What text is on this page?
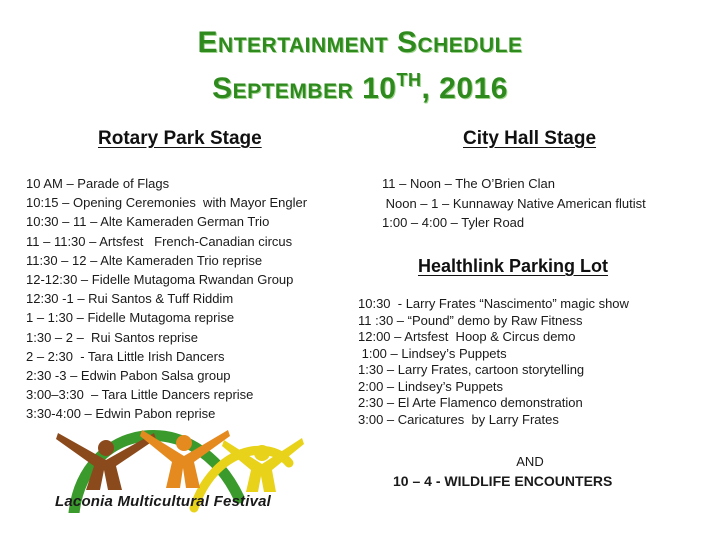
Entertainment Schedule
September 10TH, 2016
Rotary Park Stage
10 AM – Parade of Flags
10:15 – Opening Ceremonies  with Mayor Engler
10:30 – 11 – Alte Kameraden German Trio
11 – 11:30 – Artsfest   French-Canadian circus
11:30 – 12 – Alte Kameraden Trio reprise
12-12:30 – Fidelle Mutagoma Rwandan Group
12:30 -1 – Rui Santos & Tuff Riddim
1 – 1:30 – Fidelle Mutagoma reprise
1:30 – 2 –  Rui Santos reprise
2 – 2:30  - Tara Little Irish Dancers
2:30 -3 – Edwin Pabon Salsa group
3:00–3:30  – Tara Little Dancers reprise
3:30-4:00 – Edwin Pabon reprise
City Hall Stage
11 – Noon – The O’Brien Clan
Noon – 1 – Kunnaway Native American flutist
1:00 – 4:00 – Tyler Road
Healthlink Parking Lot
10:30  - Larry Frates “Nascimento” magic show
11 :30 – “Pound” demo by Raw Fitness
12:00 – Artsfest  Hoop & Circus demo
1:00 – Lindsey’s Puppets
1:30 – Larry Frates, cartoon storytelling
2:00 – Lindsey’s Puppets
2:30 – El Arte Flamenco demonstration
3:00 – Caricatures  by Larry Frates

AND

10 – 4 - WILDLIFE ENCOUNTERS

Laconia Multicultural Festival
